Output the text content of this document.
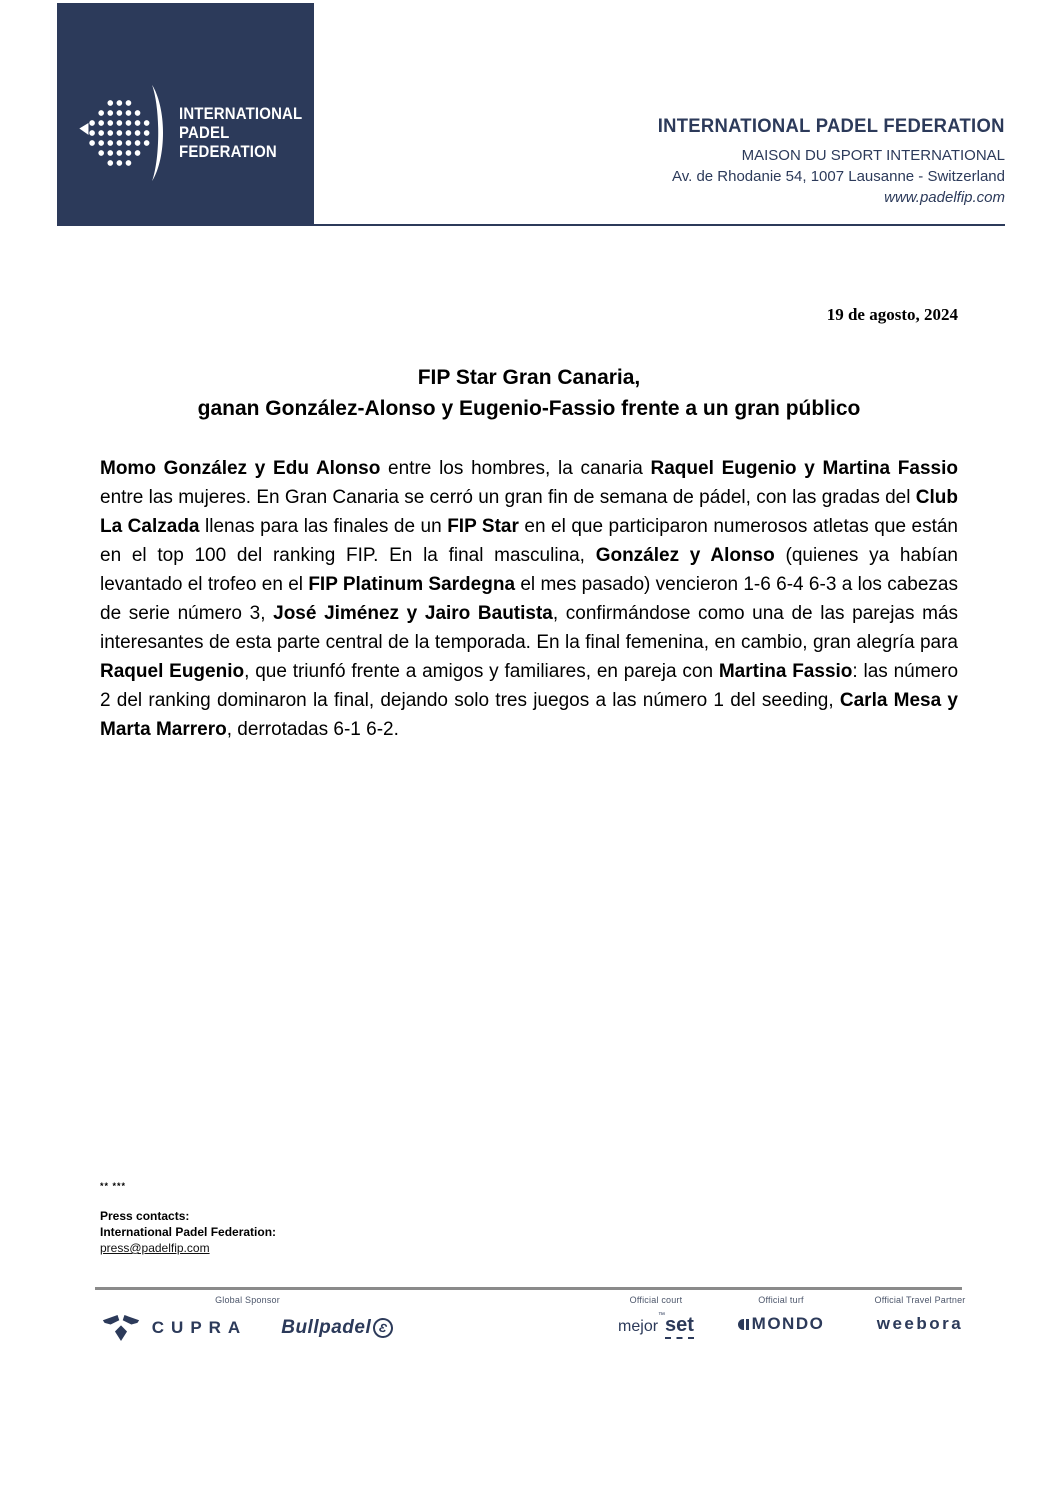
INTERNATIONAL
PADEL
FEDERATION
INTERNATIONAL PADEL FEDERATION
MAISON DU SPORT INTERNATIONAL
Av. de Rhodanie 54, 1007 Lausanne - Switzerland
www.padelfip.com
19 de agosto, 2024
FIP Star Gran Canaria,
ganan González-Alonso y Eugenio-Fassio frente a un gran público
Momo González y Edu Alonso entre los hombres, la canaria Raquel Eugenio y Martina Fassio entre las mujeres. En Gran Canaria se cerró un gran fin de semana de pádel, con las gradas del Club La Calzada llenas para las finales de un FIP Star en el que participaron numerosos atletas que están en el top 100 del ranking FIP. En la final masculina, González y Alonso (quienes ya habían levantado el trofeo en el FIP Platinum Sardegna el mes pasado) vencieron 1-6 6-4 6-3 a los cabezas de serie número 3, José Jiménez y Jairo Bautista, confirmándose como una de las parejas más interesantes de esta parte central de la temporada. En la final femenina, en cambio, gran alegría para Raquel Eugenio, que triunfó frente a amigos y familiares, en pareja con Martina Fassio: las número 2 del ranking dominaron la final, dejando solo tres juegos a las número 1 del seeding, Carla Mesa y Marta Marrero, derrotadas 6-1 6-2.
** ***
Press contacts:
International Padel Federation:
press@padelfip.com
Global Sponsor
CUPRA Bullpadel Ɛ
Official court
mejor™set
Official turf
MONDO
Official Travel Partner
weebora
